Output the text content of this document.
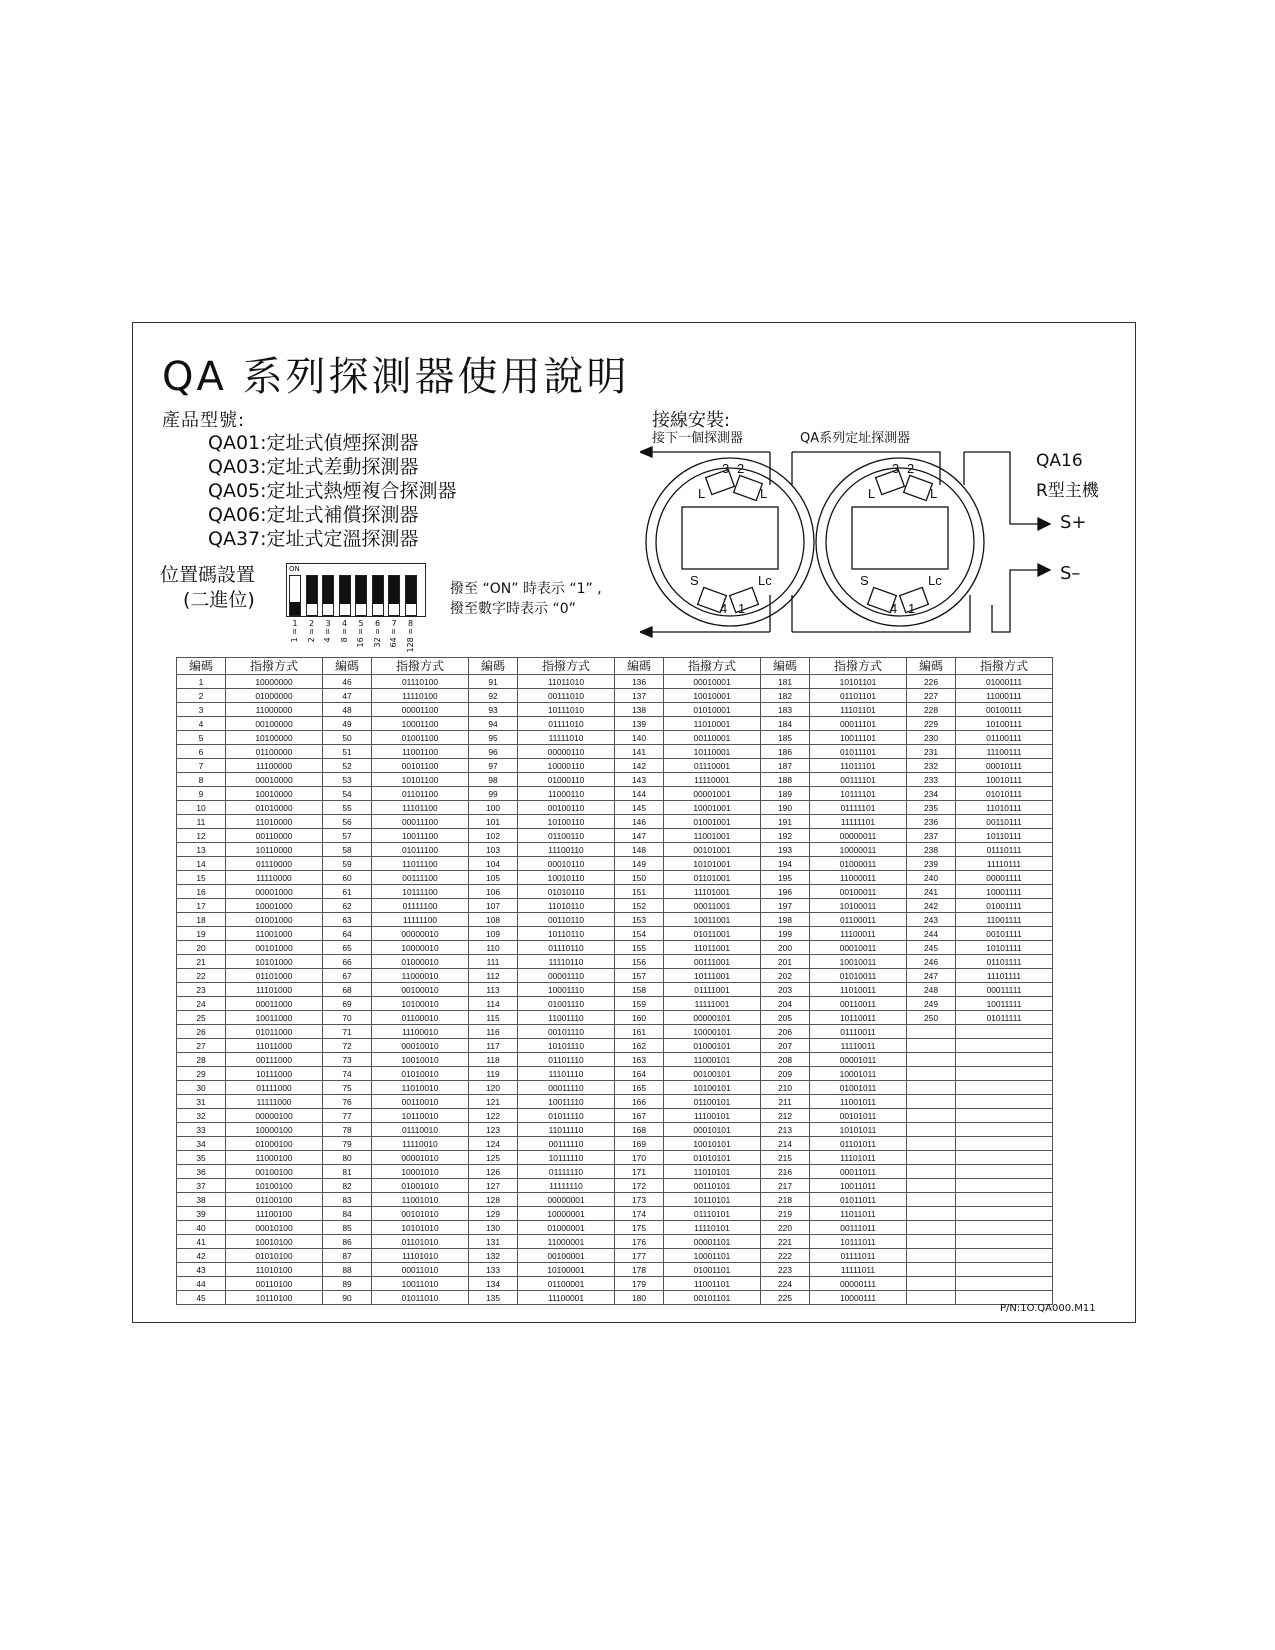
QA 系列探測器使用說明
產品型號:
QA01:定址式偵煙探測器
QA03:定址式差動探測器
QA05:定址式熱煙複合探測器
QA06:定址式補償探測器
QA37:定址式定溫探測器
位置碼設置
(二進位)
ON
1
1 =
2
2 =
3
4 =
4
8 =
5
16 =
6
32 =
7
64 =
8
128 =
撥至 “ON” 時表示 “1” ,
撥至數字時表示 “0”
接線安裝:
接下一個探測器	QA系列定址探測器
QA16
R型主機
S+
S–
3 2
L	L
S	Lc
4 1
3 2
L	L
S	Lc
4 1
編碼	指撥方式	編碼	指撥方式	編碼	指撥方式	編碼	指撥方式	編碼	指撥方式	編碼	指撥方式
1	10000000	46	01110100	91	11011010	136	00010001	181	10101101	226	01000111
2	01000000	47	11110100	92	00111010	137	10010001	182	01101101	227	11000111
3	11000000	48	00001100	93	10111010	138	01010001	183	11101101	228	00100111
4	00100000	49	10001100	94	01111010	139	11010001	184	00011101	229	10100111
5	10100000	50	01001100	95	11111010	140	00110001	185	10011101	230	01100111
6	01100000	51	11001100	96	00000110	141	10110001	186	01011101	231	11100111
7	11100000	52	00101100	97	10000110	142	01110001	187	11011101	232	00010111
8	00010000	53	10101100	98	01000110	143	11110001	188	00111101	233	10010111
9	10010000	54	01101100	99	11000110	144	00001001	189	10111101	234	01010111
10	01010000	55	11101100	100	00100110	145	10001001	190	01111101	235	11010111
11	11010000	56	00011100	101	10100110	146	01001001	191	11111101	236	00110111
12	00110000	57	10011100	102	01100110	147	11001001	192	00000011	237	10110111
13	10110000	58	01011100	103	11100110	148	00101001	193	10000011	238	01110111
14	01110000	59	11011100	104	00010110	149	10101001	194	01000011	239	11110111
15	11110000	60	00111100	105	10010110	150	01101001	195	11000011	240	00001111
16	00001000	61	10111100	106	01010110	151	11101001	196	00100011	241	10001111
17	10001000	62	01111100	107	11010110	152	00011001	197	10100011	242	01001111
18	01001000	63	11111100	108	00110110	153	10011001	198	01100011	243	11001111
19	11001000	64	00000010	109	10110110	154	01011001	199	11100011	244	00101111
20	00101000	65	10000010	110	01110110	155	11011001	200	00010011	245	10101111
21	10101000	66	01000010	111	11110110	156	00111001	201	10010011	246	01101111
22	01101000	67	11000010	112	00001110	157	10111001	202	01010011	247	11101111
23	11101000	68	00100010	113	10001110	158	01111001	203	11010011	248	00011111
24	00011000	69	10100010	114	01001110	159	11111001	204	00110011	249	10011111
25	10011000	70	01100010	115	11001110	160	00000101	205	10110011	250	01011111
26	01011000	71	11100010	116	00101110	161	10000101	206	01110011		
27	11011000	72	00010010	117	10101110	162	01000101	207	11110011		
28	00111000	73	10010010	118	01101110	163	11000101	208	00001011		
29	10111000	74	01010010	119	11101110	164	00100101	209	10001011		
30	01111000	75	11010010	120	00011110	165	10100101	210	01001011		
31	11111000	76	00110010	121	10011110	166	01100101	211	11001011		
32	00000100	77	10110010	122	01011110	167	11100101	212	00101011		
33	10000100	78	01110010	123	11011110	168	00010101	213	10101011		
34	01000100	79	11110010	124	00111110	169	10010101	214	01101011		
35	11000100	80	00001010	125	10111110	170	01010101	215	11101011		
36	00100100	81	10001010	126	01111110	171	11010101	216	00011011		
37	10100100	82	01001010	127	11111110	172	00110101	217	10011011		
38	01100100	83	11001010	128	00000001	173	10110101	218	01011011		
39	11100100	84	00101010	129	10000001	174	01110101	219	11011011		
40	00010100	85	10101010	130	01000001	175	11110101	220	00111011		
41	10010100	86	01101010	131	11000001	176	00001101	221	10111011		
42	01010100	87	11101010	132	00100001	177	10001101	222	01111011		
43	11010100	88	00011010	133	10100001	178	01001101	223	11111011		
44	00110100	89	10011010	134	01100001	179	11001101	224	00000111		
45	10110100	90	01011010	135	11100001	180	00101101	225	10000111		
P/N:1O.QA000.M11
